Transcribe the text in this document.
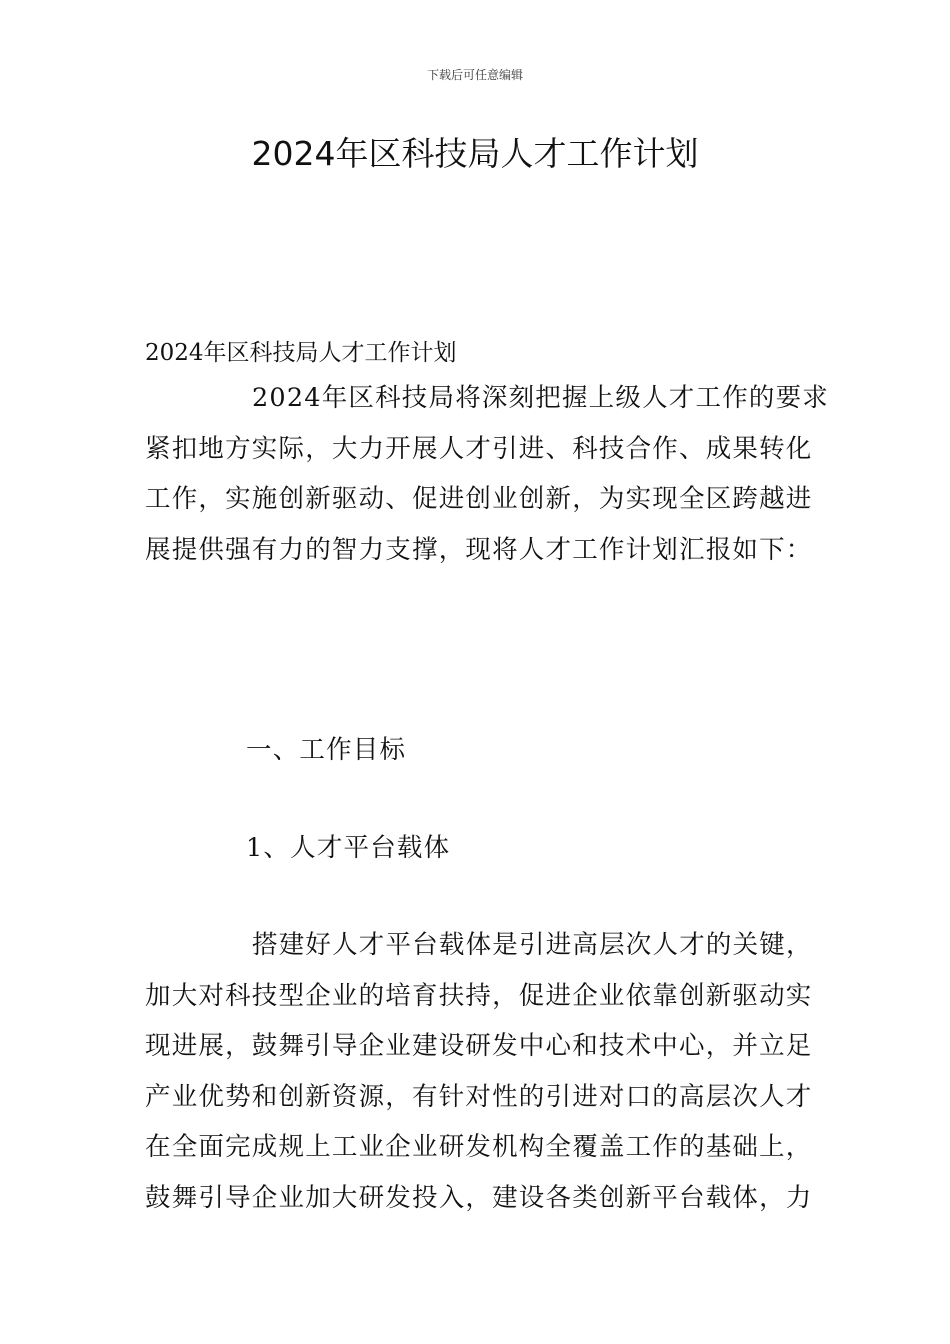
下载后可任意编辑
2024年区科技局人才工作计划

2024年区科技局人才工作计划

2024年区科技局将深刻把握上级人才工作的要求
紧扣地方实际，大力开展人才引进、科技合作、成果转化
工作，实施创新驱动、促进创业创新，为实现全区跨越进
展提供强有力的智力支撑，现将人才工作计划汇报如下：

一、工作目标

1、人才平台载体

搭建好人才平台载体是引进高层次人才的关键，
加大对科技型企业的培育扶持，促进企业依靠创新驱动实
现进展，鼓舞引导企业建设研发中心和技术中心，并立足
产业优势和创新资源，有针对性的引进对口的高层次人才
在全面完成规上工业企业研发机构全覆盖工作的基础上，
鼓舞引导企业加大研发投入，建设各类创新平台载体，力
